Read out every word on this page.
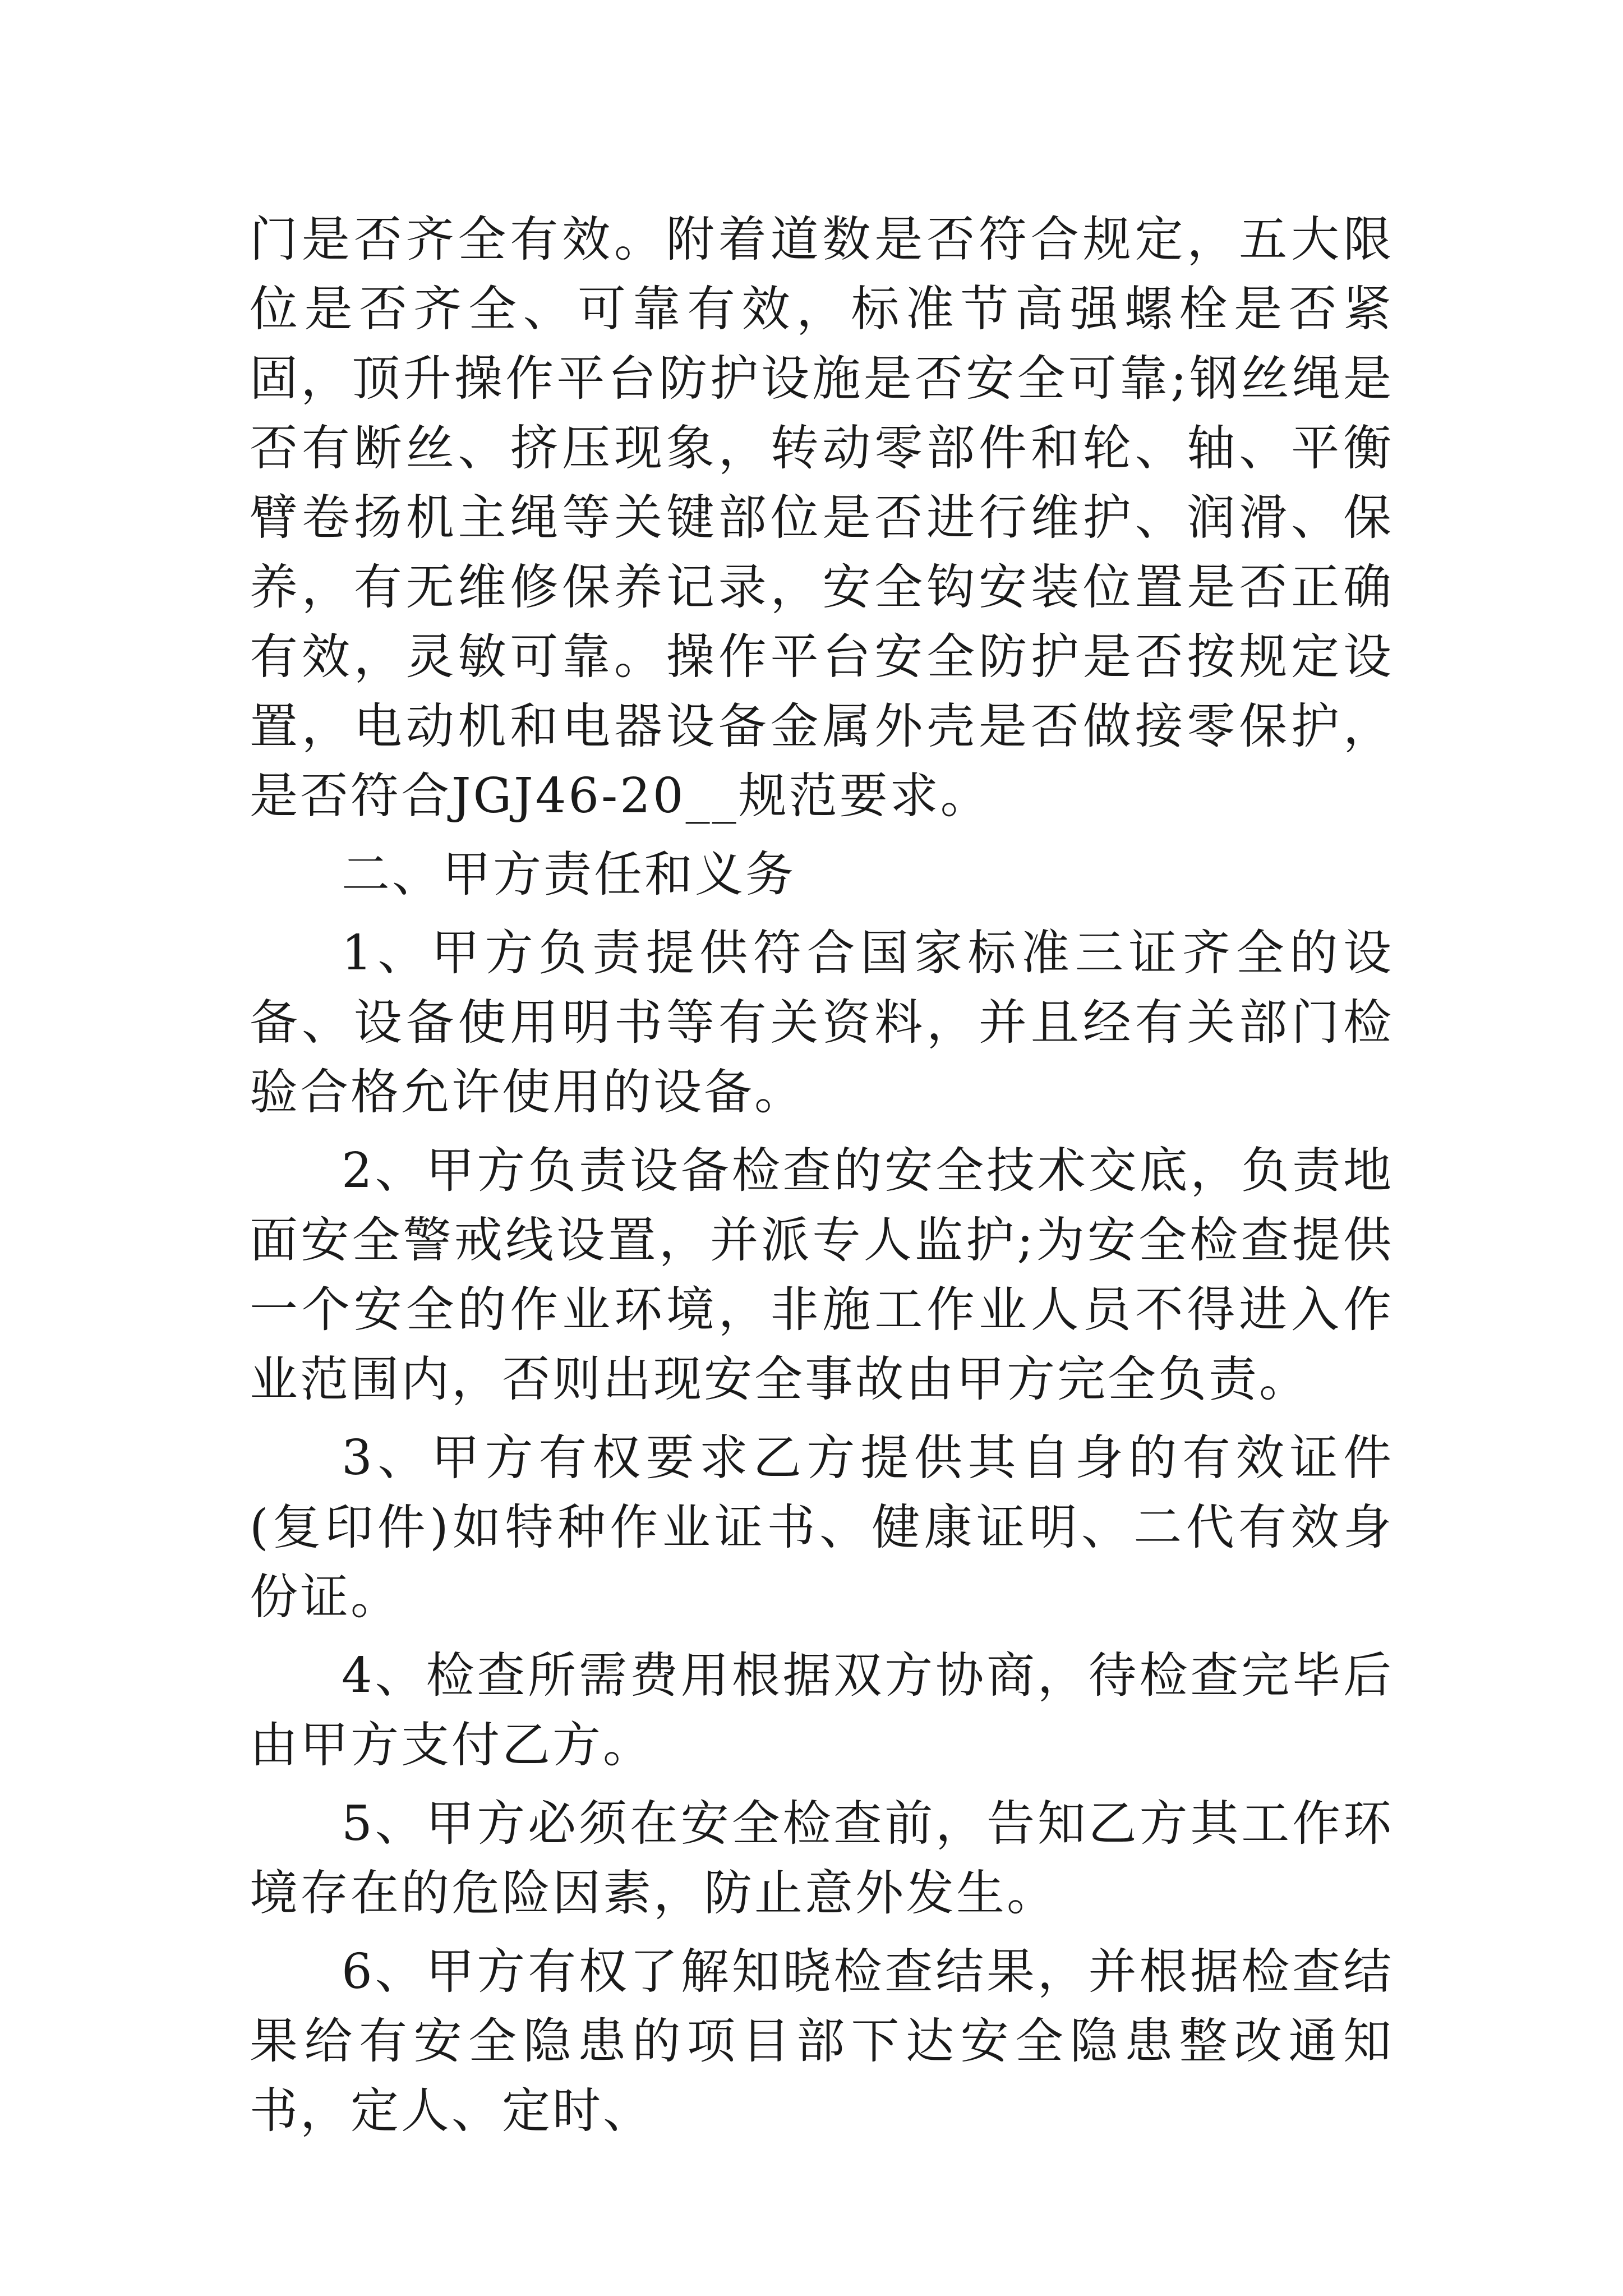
门是否齐全有效。附着道数是否符合规定，五大限位是否齐全、可靠有效，标准节高强螺栓是否紧固，顶升操作平台防护设施是否安全可靠;钢丝绳是否有断丝、挤压现象，转动零部件和轮、轴、平衡臂卷扬机主绳等关键部位是否进行维护、润滑、保养，有无维修保养记录，安全钩安装位置是否正确有效，灵敏可靠。操作平台安全防护是否按规定设置，电动机和电器设备金属外壳是否做接零保护，是否符合JGJ46-20__规范要求。

二、甲方责任和义务

1、甲方负责提供符合国家标准三证齐全的设备、设备使用明书等有关资料，并且经有关部门检验合格允许使用的设备。

2、甲方负责设备检查的安全技术交底，负责地面安全警戒线设置，并派专人监护;为安全检查提供一个安全的作业环境，非施工作业人员不得进入作业范围内，否则出现安全事故由甲方完全负责。

3、甲方有权要求乙方提供其自身的有效证件(复印件)如特种作业证书、健康证明、二代有效身份证。

4、检查所需费用根据双方协商，待检查完毕后由甲方支付乙方。

5、甲方必须在安全检查前，告知乙方其工作环境存在的危险因素，防止意外发生。

6、甲方有权了解知晓检查结果，并根据检查结果给有安全隐患的项目部下达安全隐患整改通知书，定人、定时、
